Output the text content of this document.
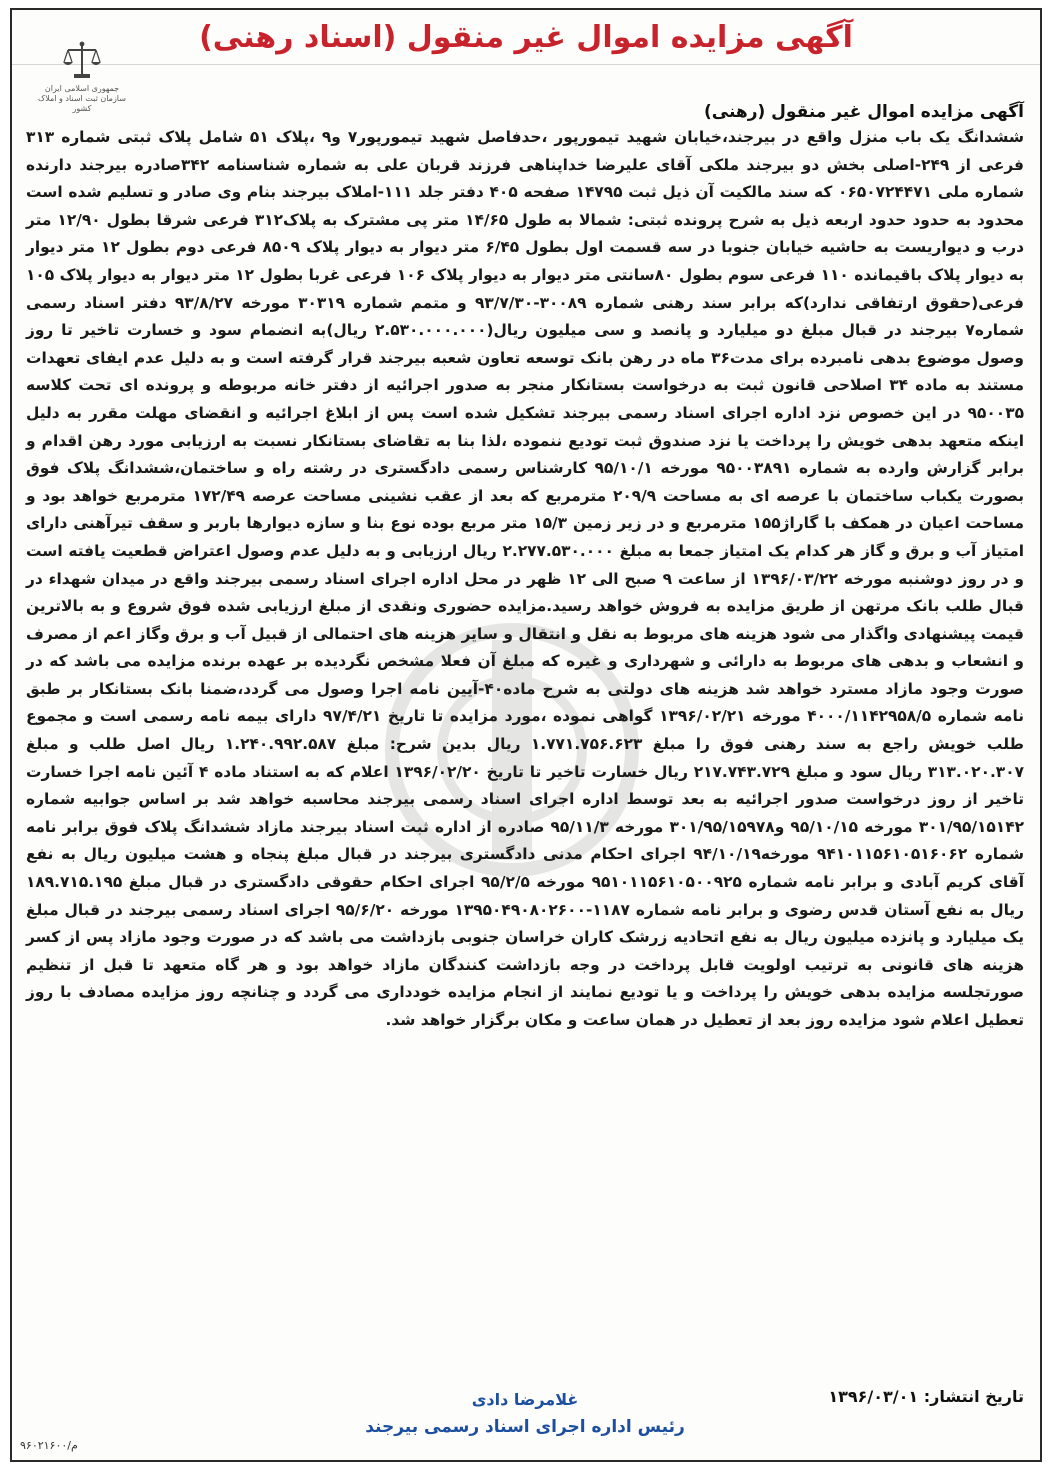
آگهی مزایده اموال غیر منقول (اسناد رهنی)
جمهوری اسلامی ایران سازمان ثبت اسناد و املاک کشور	آگهی مزایده اموال غیر منقول (رهنی)

ششدانگ یک باب منزل واقع در بیرجند،خیابان شهید تیمورپور ،حدفاصل شهید تیمورپور۷ و۹ ،پلاک ۵۱ شامل پلاک ثبتی شماره ۳۱۳ فرعی از ۲۴۹-اصلی بخش دو بیرجند ملکی آقای علیرضا خداپناهی فرزند قربان علی به شماره شناسنامه ۳۴۲صادره بیرجند دارنده شماره ملی ۰۶۵۰۷۲۴۴۷۱ که سند مالکیت آن ذیل ثبت ۱۴۷۹۵ صفحه ۴۰۵ دفتر جلد ۱۱۱-املاک بیرجند بنام وی صادر و تسلیم شده است محدود به حدود حدود اربعه ذیل به شرح پرونده ثبتی: شمالا به طول ۱۴/۶۵ متر پی مشترک به پلاک۳۱۲ فرعی شرقا بطول ۱۲/۹۰ متر درب و دیواریست به حاشیه خیابان جنوبا در سه قسمت اول بطول ۶/۴۵ متر دیوار به دیوار پلاک ۸۵۰۹ فرعی دوم بطول ۱۲ متر دیوار به دیوار پلاک باقیمانده ۱۱۰ فرعی سوم بطول ۸۰سانتی متر دیوار به دیوار پلاک ۱۰۶ فرعی غربا بطول ۱۲ متر دیوار به دیوار پلاک ۱۰۵ فرعی(حقوق ارتفاقی ندارد)که برابر سند رهنی شماره ۳۰۰۸۹-۹۳/۷/۳۰ و متمم شماره ۳۰۳۱۹ مورخه ۹۳/۸/۲۷ دفتر اسناد رسمی شماره۷ بیرجند در قبال مبلغ دو میلیارد و پانصد و سی میلیون ریال(۲.۵۳۰.۰۰۰.۰۰۰ ریال)به انضمام سود و خسارت تاخیر تا روز وصول موضوع بدهی نامبرده برای مدت۳۶ ماه در رهن بانک توسعه تعاون شعبه بیرجند قرار گرفته است و به دلیل عدم ایفای تعهدات مستند به ماده ۳۴ اصلاحی قانون ثبت به درخواست بستانکار منجر به صدور اجرائیه از دفتر خانه مربوطه و پرونده ای تحت کلاسه ۹۵۰۰۳۵ در این خصوص نزد اداره اجرای اسناد رسمی بیرجند تشکیل شده است پس از ابلاغ اجرائیه و انقضای مهلت مقرر به دلیل اینکه متعهد بدهی خویش را پرداخت یا نزد صندوق ثبت تودیع ننموده ،لذا بنا به تقاضای بستانکار نسبت به ارزیابی مورد رهن اقدام و برابر گزارش وارده به شماره ۹۵۰۰۳۸۹۱ مورخه ۹۵/۱۰/۱ کارشناس رسمی دادگستری در رشته راه و ساختمان،ششدانگ پلاک فوق بصورت یکباب ساختمان با عرصه ای به مساحت ۲۰۹/۹ مترمربع که بعد از عقب نشینی مساحت عرصه ۱۷۲/۴۹ مترمربع خواهد بود و مساحت اعیان در همکف با گاراژ۱۵۵ مترمربع و در زیر زمین ۱۵/۳ متر مربع بوده نوع بنا و سازه دیوارها باربر و سقف تیرآهنی دارای امتیاز آب و برق و گاز هر کدام یک امتیاز جمعا به مبلغ ۲.۲۷۷.۵۳۰.۰۰۰ ریال ارزیابی و به دلیل عدم وصول اعتراض قطعیت یافته است و در روز دوشنبه مورخه ۱۳۹۶/۰۳/۲۲ از ساعت ۹ صبح الی ۱۲ ظهر در محل اداره اجرای اسناد رسمی بیرجند واقع در میدان شهداء در قبال طلب بانک مرتهن از طریق مزایده به فروش خواهد رسید.مزایده حضوری ونقدی از مبلغ ارزیابی شده فوق شروع و به بالاترین قیمت پیشنهادی واگذار می شود هزینه های مربوط به نقل و انتقال و سایر هزینه های احتمالی از قبیل آب و برق وگاز اعم از مصرف و انشعاب و بدهی های مربوط به دارائی و شهرداری و غیره که مبلغ آن فعلا مشخص نگردیده بر عهده برنده مزایده می باشد که در صورت وجود مازاد مسترد خواهد شد هزینه های دولتی به شرح ماده۴۰-آیین نامه اجرا وصول می گردد،ضمنا بانک بستانکار بر طبق نامه شماره ۴۰۰۰/۱۱۴۲۹۵۸/۵ مورخه ۱۳۹۶/۰۲/۲۱ گواهی نموده ،مورد مزایده تا تاریخ ۹۷/۴/۲۱ دارای بیمه نامه رسمی است و مجموع طلب خویش راجع به سند رهنی فوق را مبلغ ۱.۷۷۱.۷۵۶.۶۲۳ ریال بدین شرح: مبلغ ۱.۲۴۰.۹۹۲.۵۸۷ ریال اصل طلب و مبلغ ۳۱۳.۰۲۰.۳۰۷ ریال سود و مبلغ ۲۱۷.۷۴۳.۷۲۹ ریال خسارت تاخیر تا تاریخ ۱۳۹۶/۰۲/۲۰ اعلام که به استناد ماده ۴ آئین نامه اجرا خسارت تاخیر از روز درخواست صدور اجرائیه به بعد توسط اداره اجرای اسناد رسمی بیرجند محاسبه خواهد شد بر اساس جوابیه شماره ۳۰۱/۹۵/۱۵۱۴۲ مورخه ۹۵/۱۰/۱۵ و۳۰۱/۹۵/۱۵۹۷۸ مورخه ۹۵/۱۱/۳ صادره از اداره ثبت اسناد بیرجند مازاد ششدانگ پلاک فوق برابر نامه شماره ۹۴۱۰۱۱۵۶۱۰۵۱۶۰۶۲ مورخه۹۴/۱۰/۱۹ اجرای احکام مدنی دادگستری بیرجند در قبال مبلغ پنجاه و هشت میلیون ریال به نفع آقای کریم آبادی و برابر نامه شماره ۹۵۱۰۱۱۵۶۱۰۵۰۰۹۲۵ مورخه ۹۵/۲/۵ اجرای احکام حقوقی دادگستری در قبال مبلغ ۱۸۹.۷۱۵.۱۹۵ ریال به نفع آستان قدس رضوی و برابر نامه شماره ۱۱۸۷-۱۳۹۵۰۴۹۰۸۰۲۶۰۰ مورخه ۹۵/۶/۲۰ اجرای اسناد رسمی بیرجند در قبال مبلغ یک میلیارد و پانزده میلیون ریال به نفع اتحادیه زرشک کاران خراسان جنوبی بازداشت می باشد که در صورت وجود مازاد پس از کسر هزینه های قانونی به ترتیب اولویت قابل پرداخت در وجه بازداشت کنندگان مازاد خواهد بود و هر گاه متعهد تا قبل از تنظیم صورتجلسه مزایده بدهی خویش را پرداخت و یا تودیع نمایند از انجام مزایده خودداری می گردد و چنانچه روز مزایده مصادف با روز تعطیل اعلام شود مزایده روز بعد از تعطیل در همان ساعت و مکان برگزار خواهد شد.

تاریخ انتشار: ۱۳۹۶/۰۳/۰۱
غلامرضا دادی
رئیس اداره اجرای اسناد رسمی بیرجند
م/۹۶۰۲۱۶۰۰
